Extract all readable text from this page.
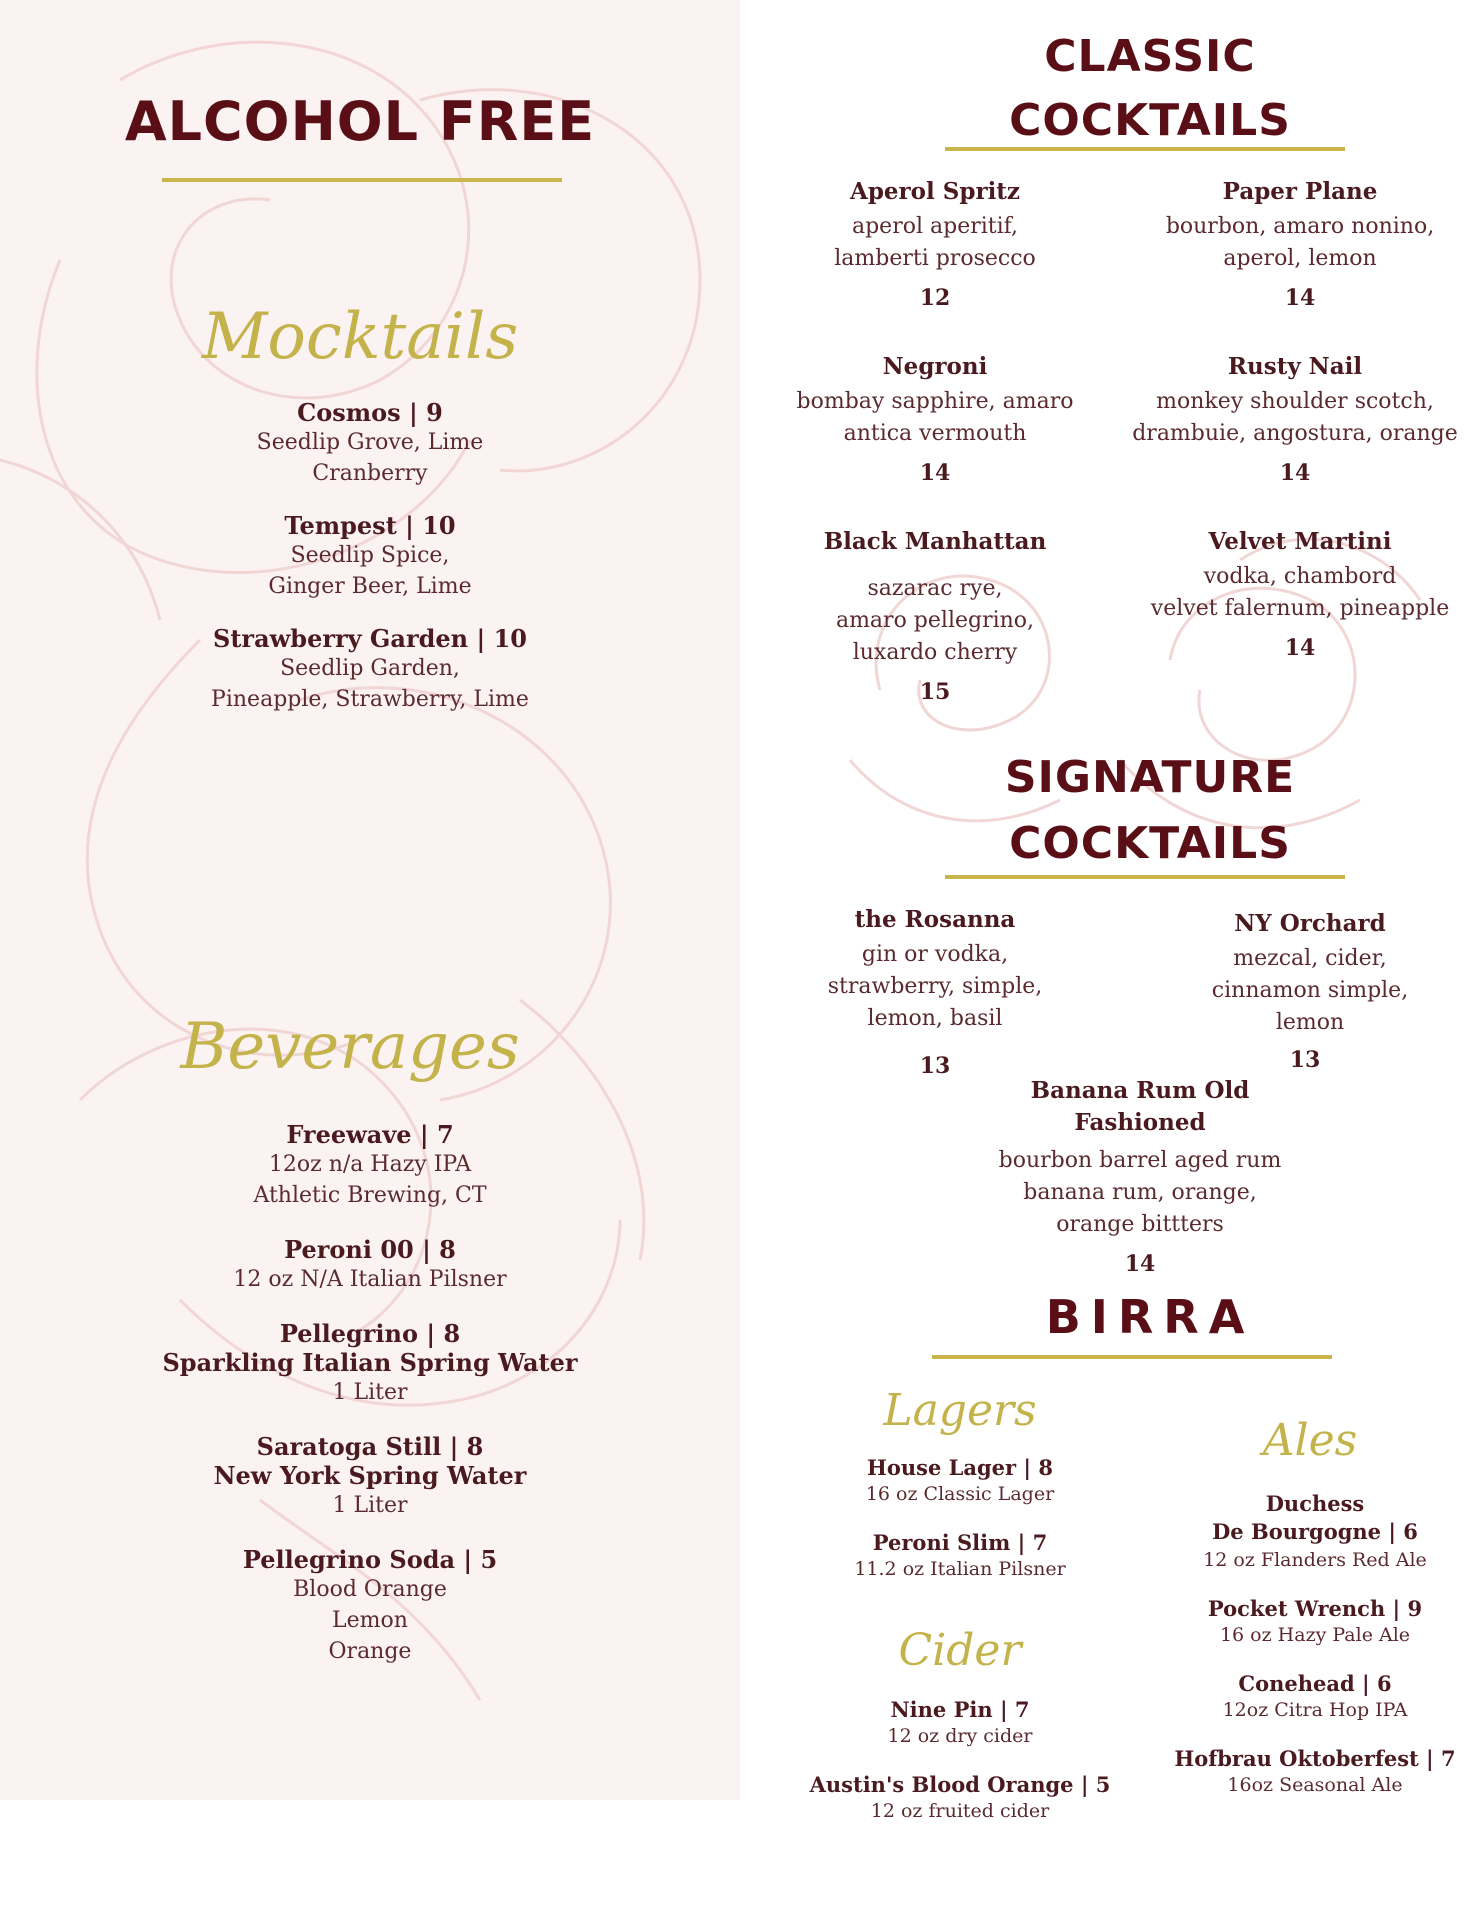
ALCOHOL FREE
Mocktails
Cosmos | 9
Seedlip Grove, Lime
Cranberry
Tempest | 10
Seedlip Spice,
Ginger Beer, Lime
Strawberry Garden | 10
Seedlip Garden,
Pineapple, Strawberry, Lime
Beverages
Freewave | 7
12oz n/a Hazy IPA
Athletic Brewing, CT
Peroni 00 | 8
12 oz N/A Italian Pilsner
Pellegrino | 8
Sparkling Italian Spring Water
1 Liter
Saratoga Still | 8
New York Spring Water
1 Liter
Pellegrino Soda | 5
Blood Orange
Lemon
Orange
CLASSIC
COCKTAILS
Aperol Spritz
aperol aperitif,
lamberti prosecco
12
Paper Plane
bourbon, amaro nonino,
aperol, lemon
14
Negroni
bombay sapphire, amaro
antica vermouth
14
Rusty Nail
monkey shoulder scotch,
drambuie, angostura, orange
14
Black Manhattan
sazarac rye,
amaro pellegrino,
luxardo cherry
15
Velvet Martini
vodka, chambord
velvet falernum, pineapple
14
SIGNATURE
COCKTAILS
the Rosanna
gin or vodka,
strawberry, simple,
lemon, basil
13
NY Orchard
mezcal, cider,
cinnamon simple,
lemon
13
Banana Rum Old
Fashioned
bourbon barrel aged rum
banana rum, orange,
orange bittters
14
BIRRA
Lagers
House Lager | 8
16 oz Classic Lager
Peroni Slim | 7
11.2 oz Italian Pilsner
Cider
Nine Pin | 7
12 oz dry cider
Austin's Blood Orange | 5
12 oz fruited cider
Ales
Duchess
De Bourgogne | 6
12 oz Flanders Red Ale
Pocket Wrench | 9
16 oz Hazy Pale Ale
Conehead | 6
12oz Citra Hop IPA
Hofbrau Oktoberfest | 7
16oz Seasonal Ale
